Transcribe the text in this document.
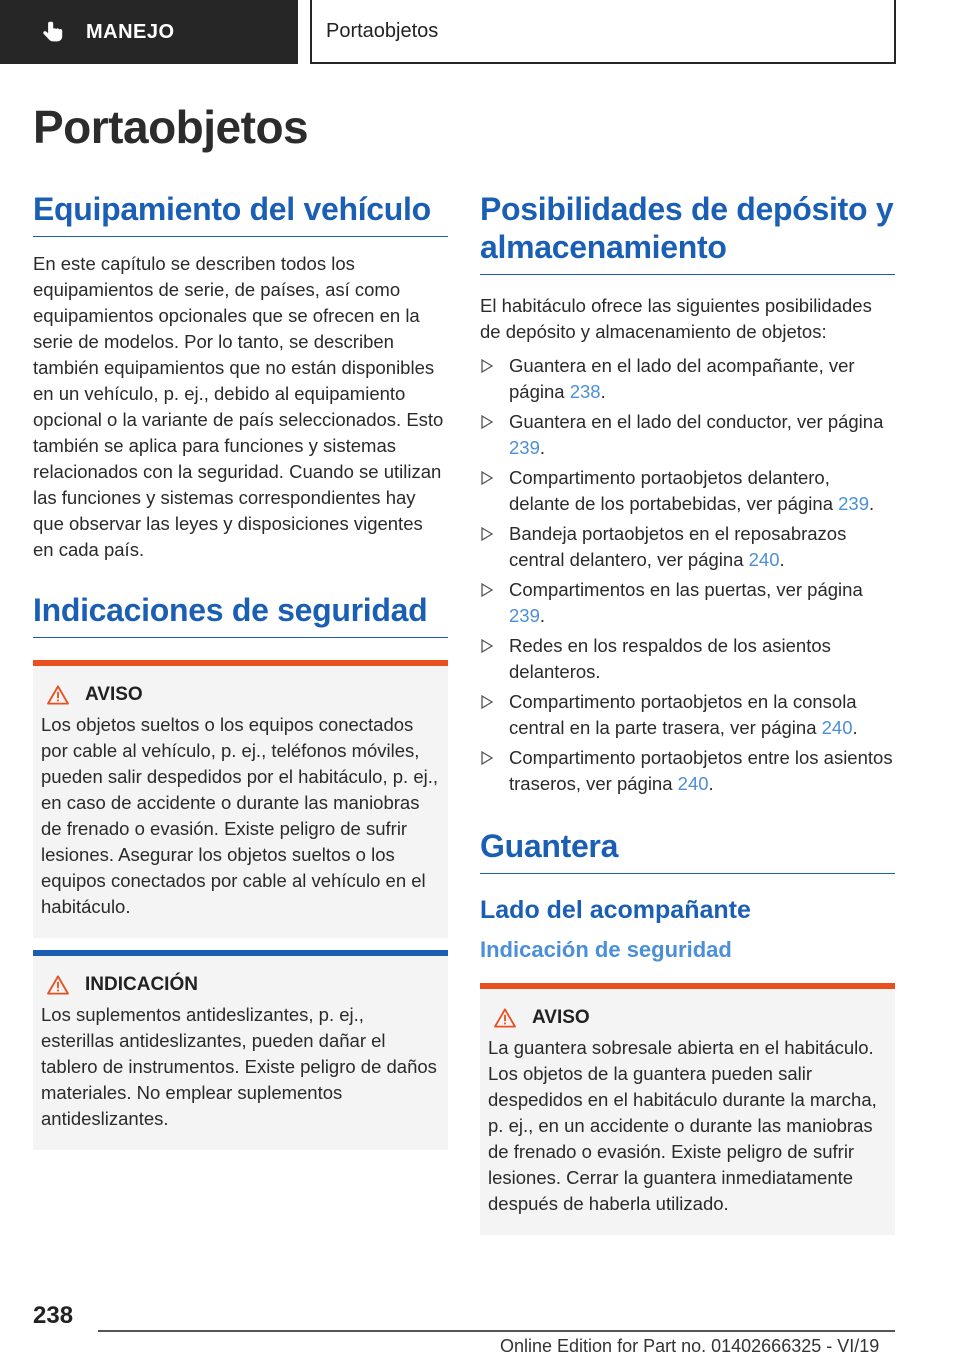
MANEJO	Portaobjetos
Portaobjetos
Equipamiento del vehículo

En este capítulo se describen todos los equipamientos de serie, de países, así como equipamientos opcionales que se ofrecen en la serie de modelos. Por lo tanto, se describen también equipamientos que no están disponibles en un vehículo, p. ej., debido al equipamiento opcional o la variante de país seleccionados. Esto también se aplica para funciones y sistemas relacionados con la seguridad. Cuando se utilizan las funciones y sistemas correspondientes hay que observar las leyes y disposiciones vigentes en cada país.

Indicaciones de seguridad
AVISO

Los objetos sueltos o los equipos conectados por cable al vehículo, p. ej., teléfonos móviles, pueden salir despedidos por el habitáculo, p. ej., en caso de accidente o durante las maniobras de frenado o evasión. Existe peligro de sufrir lesiones. Asegurar los objetos sueltos o los equipos conectados por cable al vehículo en el habitáculo.

INDICACIÓN

Los suplementos antideslizantes, p. ej., esterillas antideslizantes, pueden dañar el tablero de instrumentos. Existe peligro de daños materiales. No emplear suplementos antideslizantes.

Posibilidades de depósito y almacenamiento

El habitáculo ofrece las siguientes posibilidades de depósito y almacenamiento de objetos:

Guantera en el lado del acompañante, ver página 238.
Guantera en el lado del conductor, ver página 239.
Compartimento portaobjetos delantero, delante de los portabebidas, ver página 239.
Bandeja portaobjetos en el reposabrazos central delantero, ver página 240.
Compartimentos en las puertas, ver página 239.
Redes en los respaldos de los asientos delanteros.
Compartimento portaobjetos en la consola central en la parte trasera, ver página 240.
Compartimento portaobjetos entre los asientos traseros, ver página 240.
Guantera
Lado del acompañante
Indicación de seguridad
AVISO

La guantera sobresale abierta en el habitáculo. Los objetos de la guantera pueden salir despedidos en el habitáculo durante la marcha, p. ej., en un accidente o durante las maniobras de frenado o evasión. Existe peligro de sufrir lesiones. Cerrar la guantera inmediatamente después de haberla utilizado.

238
Online Edition for Part no. 01402666325 - VI/19
